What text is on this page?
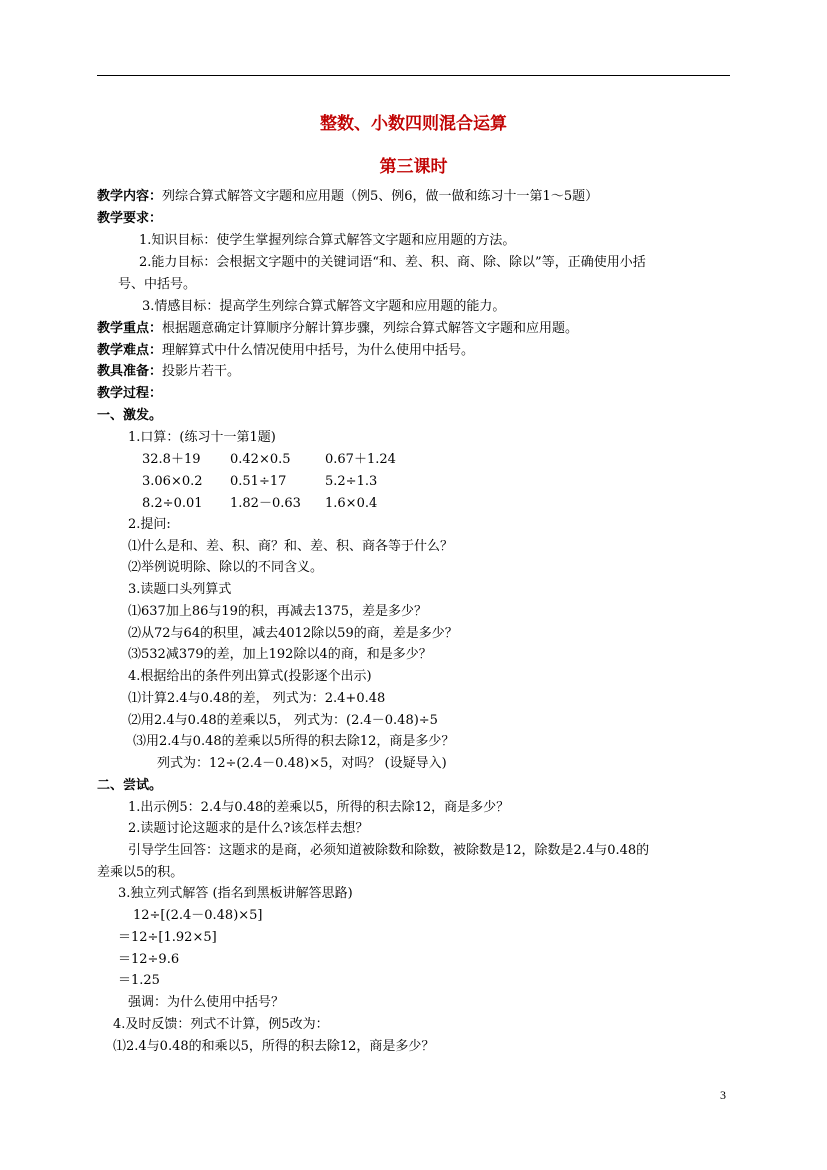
整数、小数四则混合运算
第三课时
教学内容：列综合算式解答文字题和应用题（例5、例6，做一做和练习十一第1～5题）
教学要求：
1.知识目标：使学生掌握列综合算式解答文字题和应用题的方法。
2.能力目标：会根据文字题中的关键词语“和、差、积、商、除、除以”等，正确使用小括
号、中括号。
3.情感目标：提高学生列综合算式解答文字题和应用题的能力。
教学重点：根据题意确定计算顺序分解计算步骤，列综合算式解答文字题和应用题。
教学难点：理解算式中什么情况使用中括号，为什么使用中括号。
教具准备：投影片若干。
教学过程：
一、激发。
1.口算：(练习十一第1题)
32.8＋19 0.42×0.5	0.67＋1.24
3.06×0.2 0.51÷17	5.2÷1.3
8.2÷0.01 1.82－0.63 1.6×0.4
2.提问:
⑴什么是和、差、积、商？和、差、积、商各等于什么？
⑵举例说明除、除以的不同含义。
3.读题口头列算式
⑴637加上86与19的积，再减去1375，差是多少？
⑵从72与64的积里，减去4012除以59的商，差是多少？
⑶532减379的差，加上192除以4的商，和是多少？
4.根据给出的条件列出算式(投影逐个出示)
⑴计算2.4与0.48的差， 列式为：2.4+0.48
⑵用2.4与0.48的差乘以5， 列式为：(2.4－0.48)÷5
⑶用2.4与0.48的差乘以5所得的积去除12，商是多少？
列式为：12÷(2.4－0.48)×5，对吗？ (设疑导入)
二、尝试。
1.出示例5：2.4与0.48的差乘以5，所得的积去除12，商是多少？
2.读题讨论这题求的是什么?该怎样去想？
引导学生回答：这题求的是商，必须知道被除数和除数，被除数是12，除数是2.4与0.48的
差乘以5的积。
3.独立列式解答 (指名到黑板讲解答思路)
12÷[(2.4－0.48)×5]
＝12÷[1.92×5]
＝12÷9.6
＝1.25
强调：为什么使用中括号？
4.及时反馈：列式不计算，例5改为：
⑴2.4与0.48的和乘以5，所得的积去除12，商是多少？
3
